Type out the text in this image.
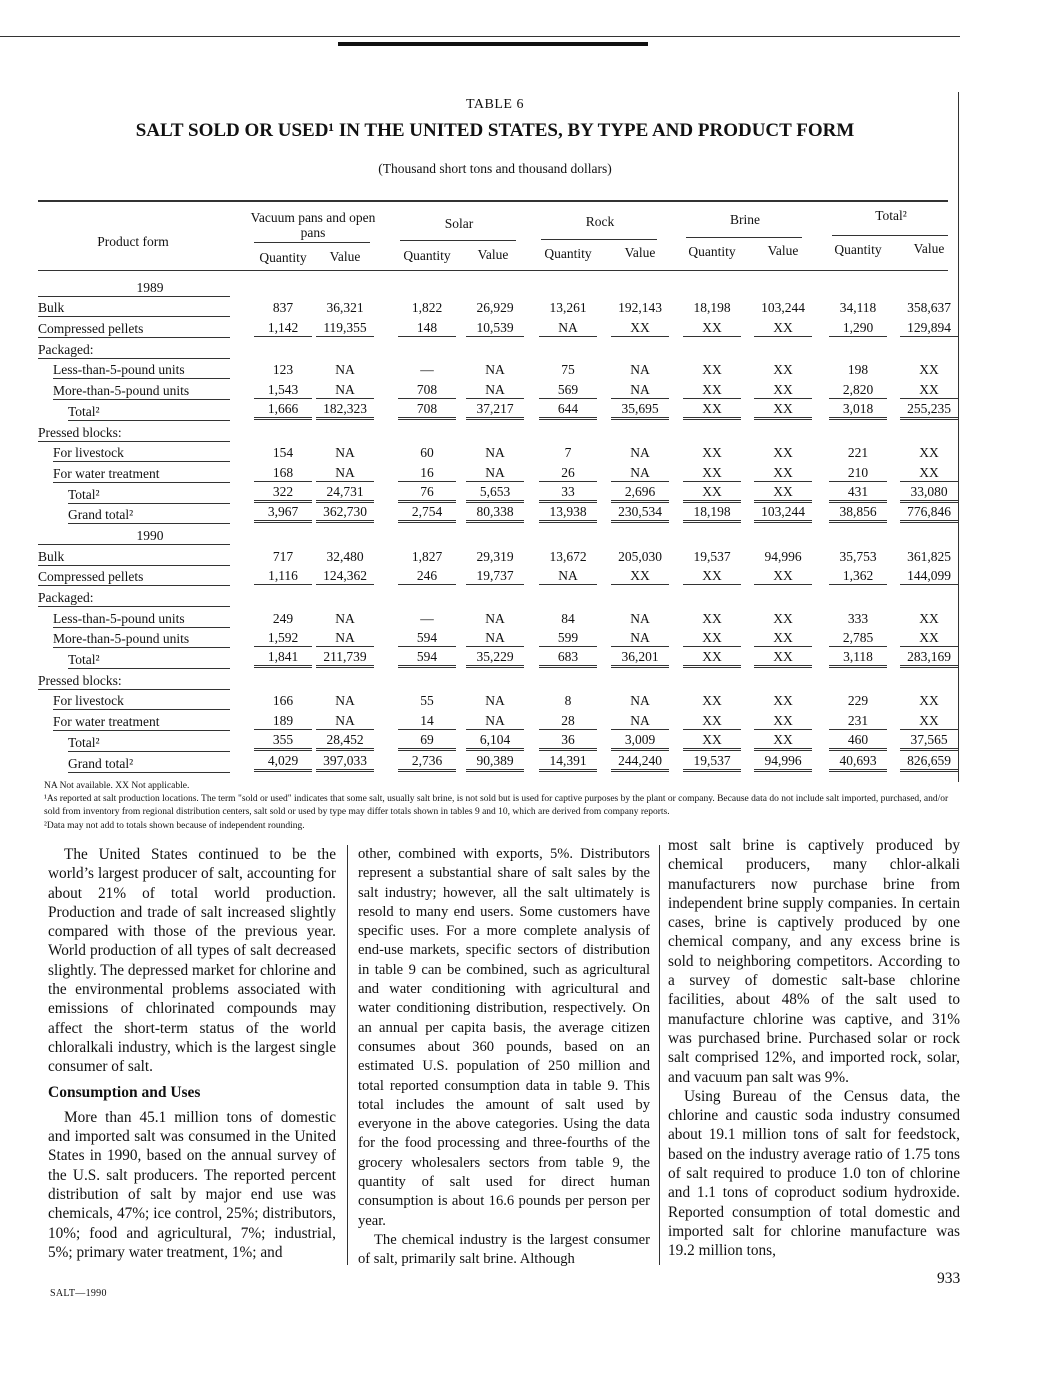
TABLE 6
SALT SOLD OR USED¹ IN THE UNITED STATES, BY TYPE AND PRODUCT FORM
(Thousand short tons and thousand dollars)
Product form
Vacuum pans and open pans
Solar	Rock	Brine	Total²
Quantity	Value	Quantity	Value	Quantity	Value	Quantity	Value	Quantity	Value
1989
Bulk	837	36,321	1,822	26,929	13,261	192,143	18,198	103,244	34,118	358,637
Compressed pellets	1,142	119,355	148	10,539	NA	XX	XX	XX	1,290	129,894
Packaged:
Less-than-5-pound units	123	NA	—	NA	75	NA	XX	XX	198	XX
More-than-5-pound units	1,543	NA	708	NA	569	NA	XX	XX	2,820	XX
Total²	1,666	182,323	708	37,217	644	35,695	XX	XX	3,018	255,235
Pressed blocks:
For livestock	154	NA	60	NA	7	NA	XX	XX	221	XX
For water treatment	168	NA	16	NA	26	NA	XX	XX	210	XX
Total²	322	24,731	76	5,653	33	2,696	XX	XX	431	33,080
Grand total²	3,967	362,730	2,754	80,338	13,938	230,534	18,198	103,244	38,856	776,846
1990
Bulk	717	32,480	1,827	29,319	13,672	205,030	19,537	94,996	35,753	361,825
Compressed pellets	1,116	124,362	246	19,737	NA	XX	XX	XX	1,362	144,099
Packaged:
Less-than-5-pound units	249	NA	—	NA	84	NA	XX	XX	333	XX
More-than-5-pound units	1,592	NA	594	NA	599	NA	XX	XX	2,785	XX
Total²	1,841	211,739	594	35,229	683	36,201	XX	XX	3,118	283,169
Pressed blocks:
For livestock	166	NA	55	NA	8	NA	XX	XX	229	XX
For water treatment	189	NA	14	NA	28	NA	XX	XX	231	XX
Total²	355	28,452	69	6,104	36	3,009	XX	XX	460	37,565
Grand total²	4,029	397,033	2,736	90,389	14,391	244,240	19,537	94,996	40,693	826,659
NA Not available. XX Not applicable.
¹As reported at salt production locations. The term "sold or used" indicates that some salt, usually salt brine, is not sold but is used for captive purposes by the plant or company. Because data do not include salt imported, purchased, and/or sold from inventory from regional distribution centers, salt sold or used by type may differ totals shown in tables 9 and 10, which are derived from company reports.
²Data may not add to totals shown because of independent rounding.

The United States continued to be the world’s largest producer of salt, accounting for about 21% of total world production. Production and trade of salt increased slightly compared with those of the previous year. World production of all types of salt decreased slightly. The depressed market for chlorine and the environmental problems associated with emissions of chlorinated compounds may affect the short-term status of the world chloralkali industry, which is the largest single consumer of salt.

Consumption and Uses

More than 45.1 million tons of domestic and imported salt was consumed in the United States in 1990, based on the annual survey of the U.S. salt producers. The reported percent distribution of salt by major end use was chemicals, 47%; ice control, 25%; distributors, 10%; food and agricultural, 7%; industrial, 5%; primary water treatment, 1%; and

other, combined with exports, 5%. Distributors represent a substantial share of salt sales by the salt industry; however, all the salt ultimately is resold to many end users. Some customers have specific uses. For a more complete analysis of end-use markets, specific sectors of distribution in table 9 can be combined, such as agricultural and water conditioning with agricultural and water conditioning distribution, respectively. On an annual per capita basis, the average citizen consumes about 360 pounds, based on an estimated U.S. population of 250 million and total reported consumption data in table 9. This total includes the amount of salt used by everyone in the above categories. Using the data for the food processing and three-fourths of the grocery wholesalers sectors from table 9, the quantity of salt used for direct human consumption is about 16.6 pounds per person per year.

The chemical industry is the largest consumer of salt, primarily salt brine. Although

most salt brine is captively produced by chemical producers, many chlor-alkali manufacturers now purchase brine from independent brine supply companies. In certain cases, brine is captively produced by one chemical company, and any excess brine is sold to neighboring competitors. According to a survey of domestic salt-base chlorine facilities, about 48% of the salt used to manufacture chlorine was captive, and 31% was purchased brine. Purchased solar or rock salt comprised 12%, and imported rock, solar, and vacuum pan salt was 9%.

Using Bureau of the Census data, the chlorine and caustic soda industry consumed about 19.1 million tons of salt for feedstock, based on the industry average ratio of 1.75 tons of salt required to produce 1.0 ton of chlorine and 1.1 tons of coproduct sodium hydroxide. Reported consumption of total domestic and imported salt for chlorine manufacture was 19.2 million tons,

SALT—1990
933
